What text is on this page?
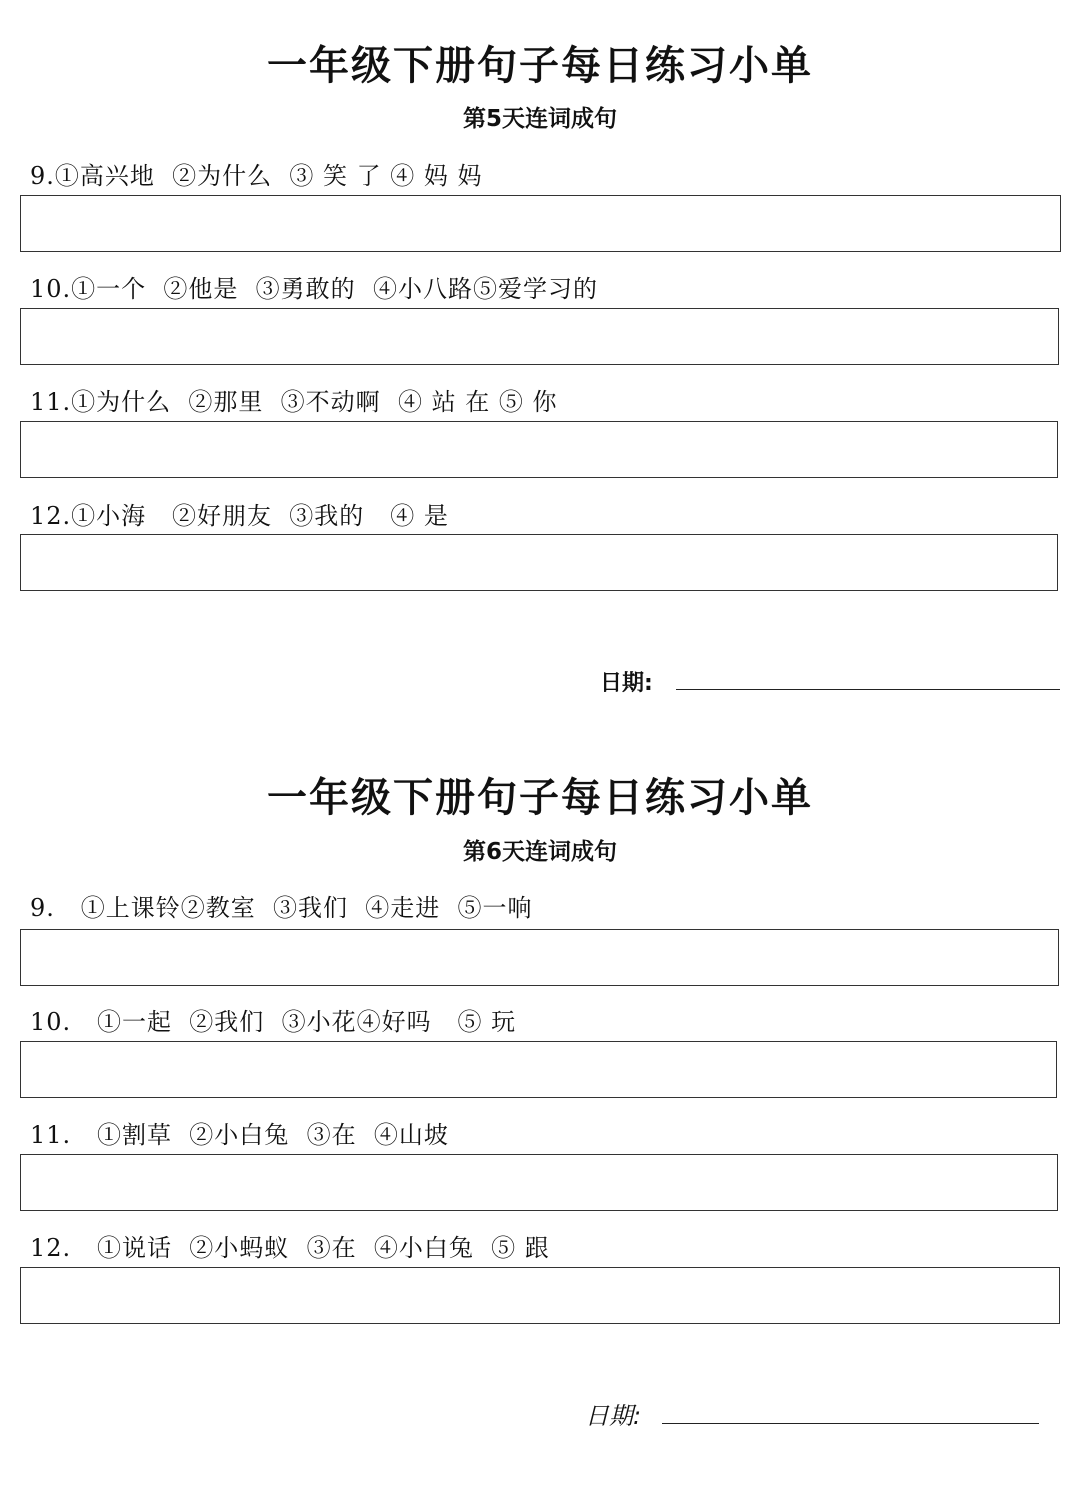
一年级下册句子每日练习小单
第5天连词成句
9.①高兴地  ②为什么  ③ 笑 了 ④ 妈 妈
10.①一个  ②他是  ③勇敢的  ④小八路⑤爱学习的
11.①为什么  ②那里  ③不动啊  ④ 站 在 ⑤ 你
12.①小海   ②好朋友  ③我的   ④ 是
日期:
一年级下册句子每日练习小单
第6天连词成句
9.   ①上课铃②教室  ③我们  ④走进  ⑤一响
10.   ①一起  ②我们  ③小花④好吗   ⑤ 玩
11.   ①割草  ②小白兔  ③在  ④山坡
12.   ①说话  ②小蚂蚁  ③在  ④小白兔  ⑤ 跟
日期:
